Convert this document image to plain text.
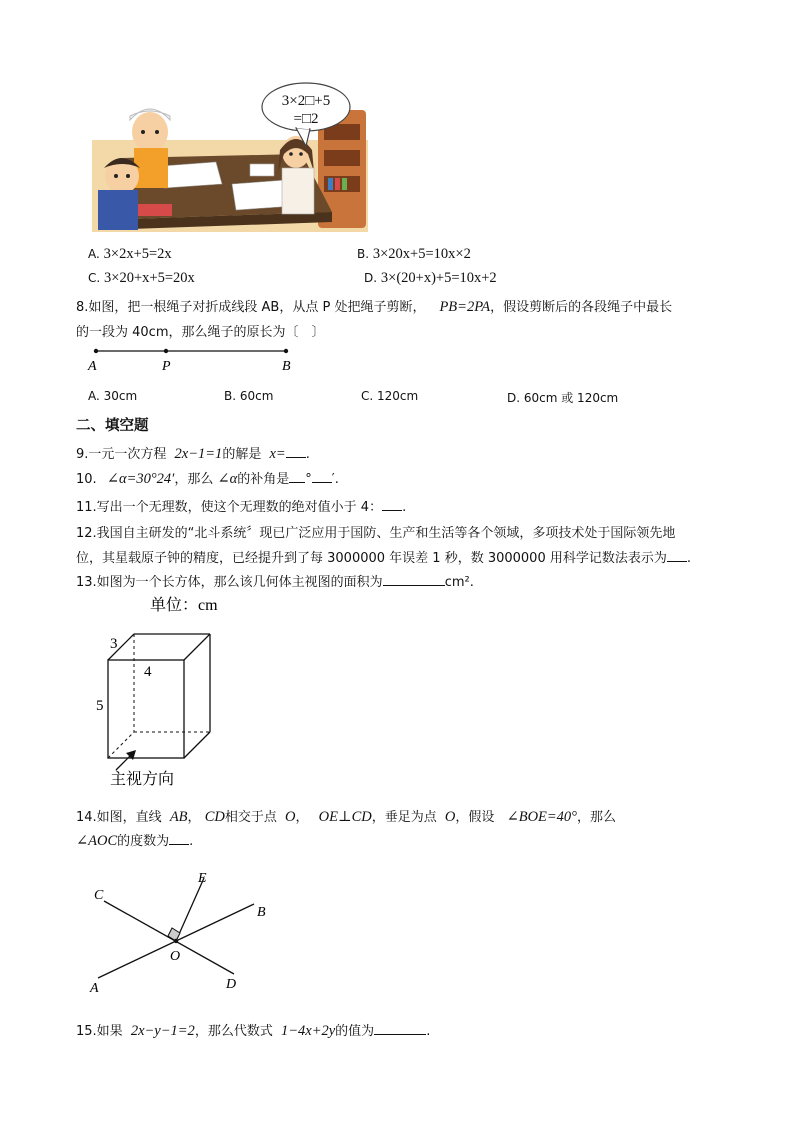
3×2□+5
=□2
A. 3×2x+5=2x	B. 3×20x+5=10x×2
C. 3×20+x+5=20x	D. 3×(20+x)+5=10x+2
8.如图，把一根绳子对折成线段 AB，从点 P 处把绳子剪断， PB=2PA，假设剪断后的各段绳子中最长
的一段为 40cm，那么绳子的原长为〔　〕
A	P	B
A. 30cm	B. 60cm	C. 120cm	D. 60cm 或 120cm
二、填空题
9.一元一次方程 2x−1=1的解是 x= .
10. ∠α=30°24′，那么 ∠α的补角是 ° ′.
11.写出一个无理数，使这个无理数的绝对值小于 4： .
12.我国自主研发的“北斗系统〞现已广泛应用于国防、生产和生活等各个领域，多项技术处于国际领先地
位，其星载原子钟的精度，已经提升到了每 3000000 年误差 1 秒，数 3000000 用科学记数法表示为 .
13.如图为一个长方体，那么该几何体主视图的面积为	cm².
单位：cm
3
4
5
主视方向
14.如图，直线 AB， CD相交于点 O， OE⊥CD，垂足为点 O，假设 ∠BOE=40°，那么
∠AOC的度数为 .
C
E
B
O
A	D
15.如果 2x−y−1=2，那么代数式 1−4x+2y的值为	.
